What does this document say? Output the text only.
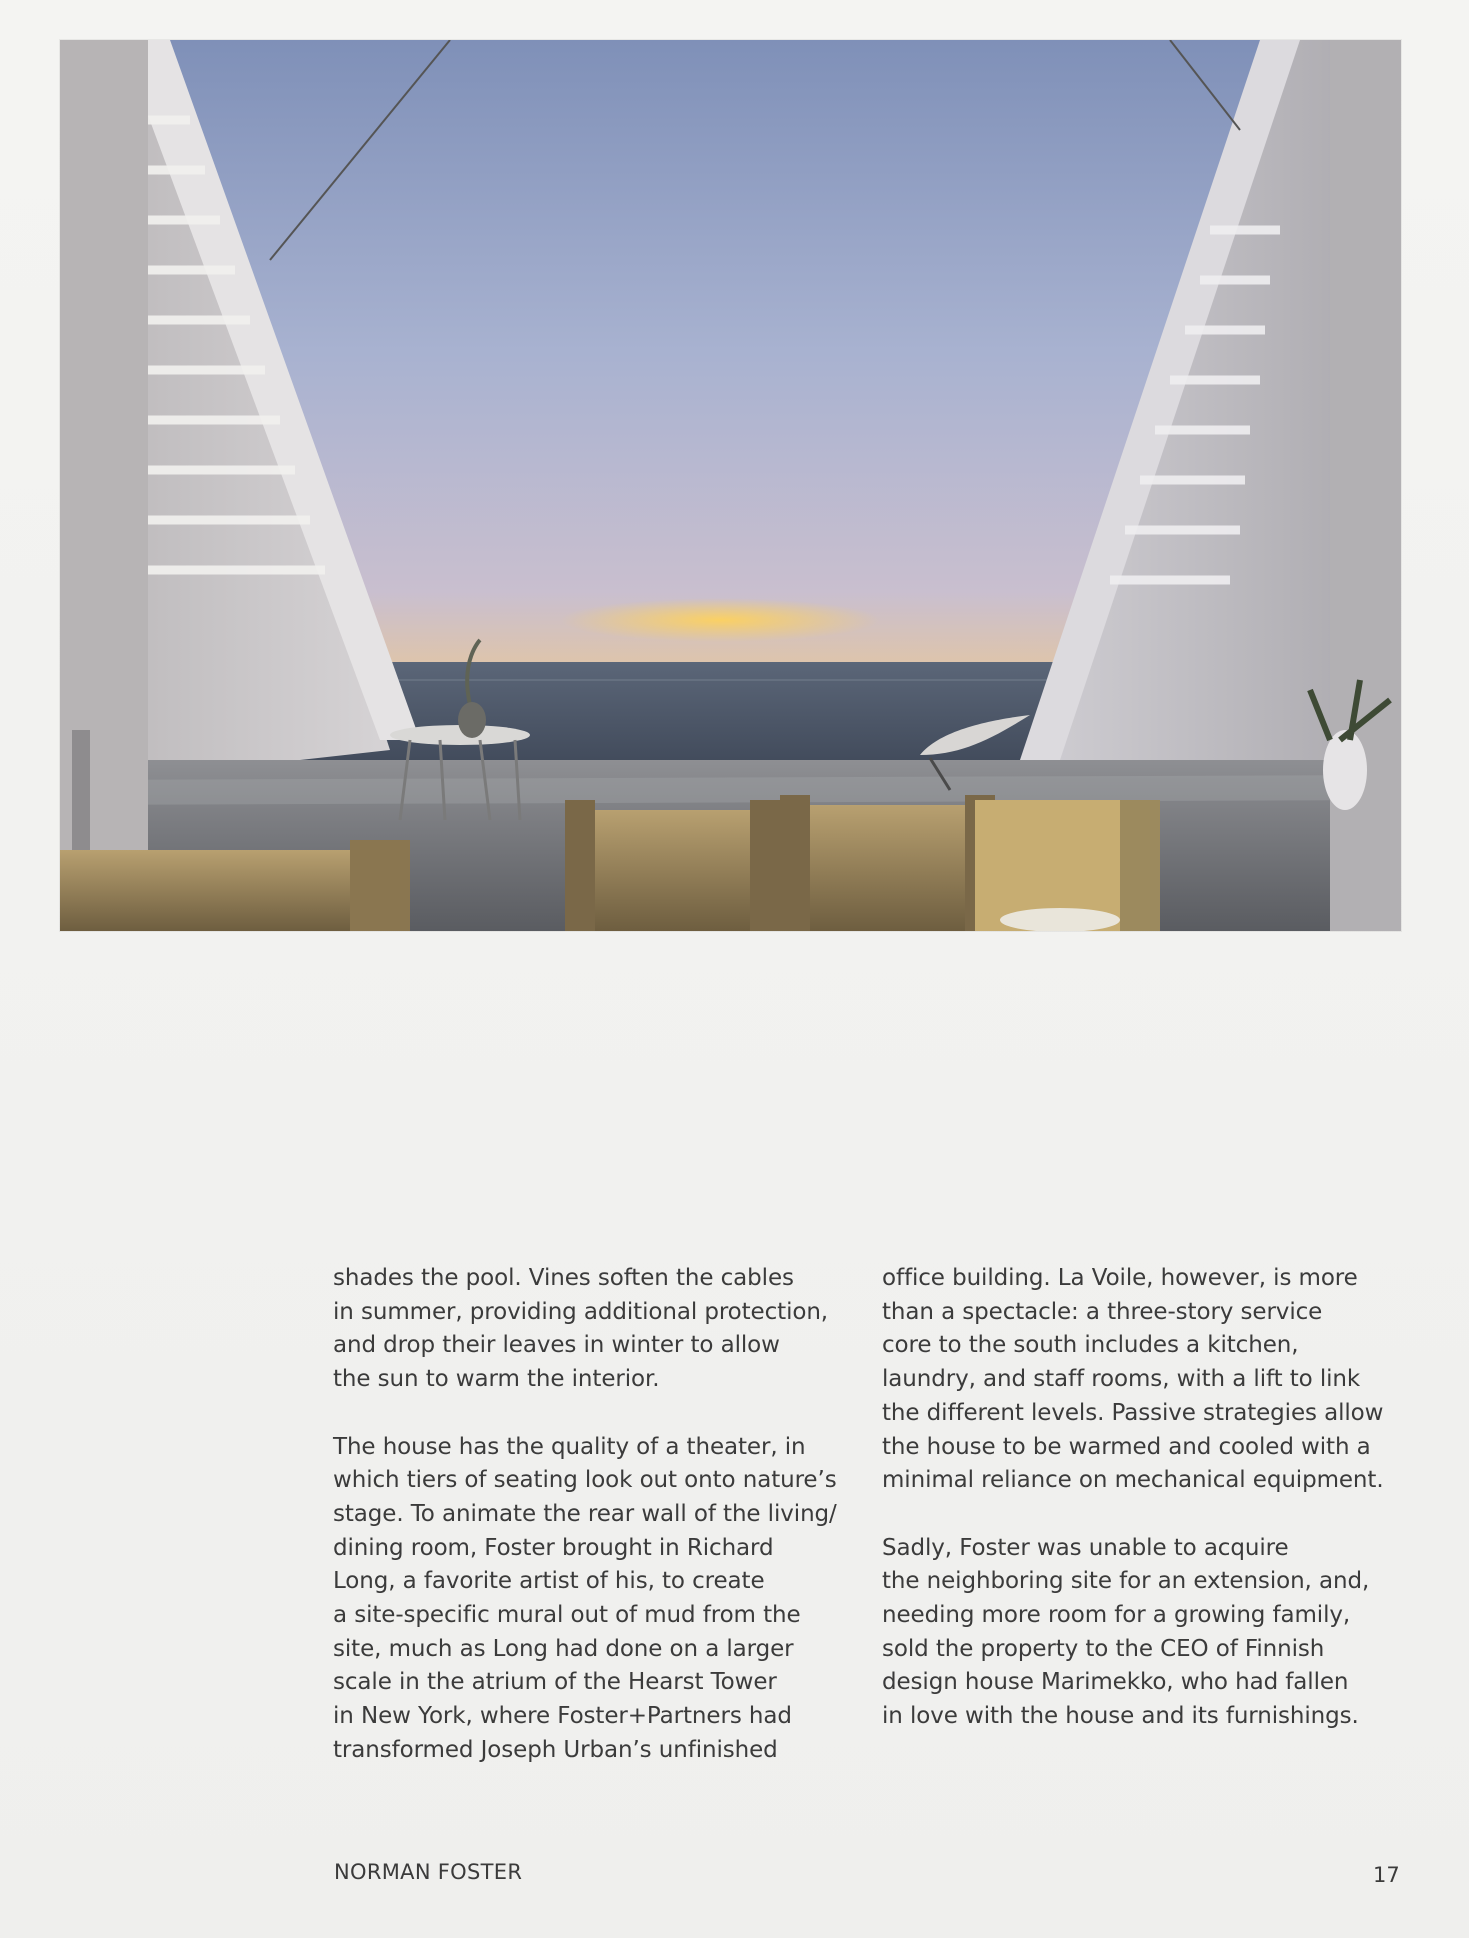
shades the pool. Vines soften the cables
in summer, providing additional protection,
and drop their leaves in winter to allow
the sun to warm the interior.

The house has the quality of a theater, in
which tiers of seating look out onto nature’s
stage. To animate the rear wall of the living/
dining room, Foster brought in Richard
Long, a favorite artist of his, to create
a site-specific mural out of mud from the
site, much as Long had done on a larger
scale in the atrium of the Hearst Tower
in New York, where Foster+Partners had
transformed Joseph Urban’s unfinished

office building. La Voile, however, is more
than a spectacle: a three-story service
core to the south includes a kitchen,
laundry, and staff rooms, with a lift to link
the different levels. Passive strategies allow
the house to be warmed and cooled with a
minimal reliance on mechanical equipment.

Sadly, Foster was unable to acquire
the neighboring site for an extension, and,
needing more room for a growing family,
sold the property to the CEO of Finnish
design house Marimekko, who had fallen
in love with the house and its furnishings.

NORMAN FOSTER	17
